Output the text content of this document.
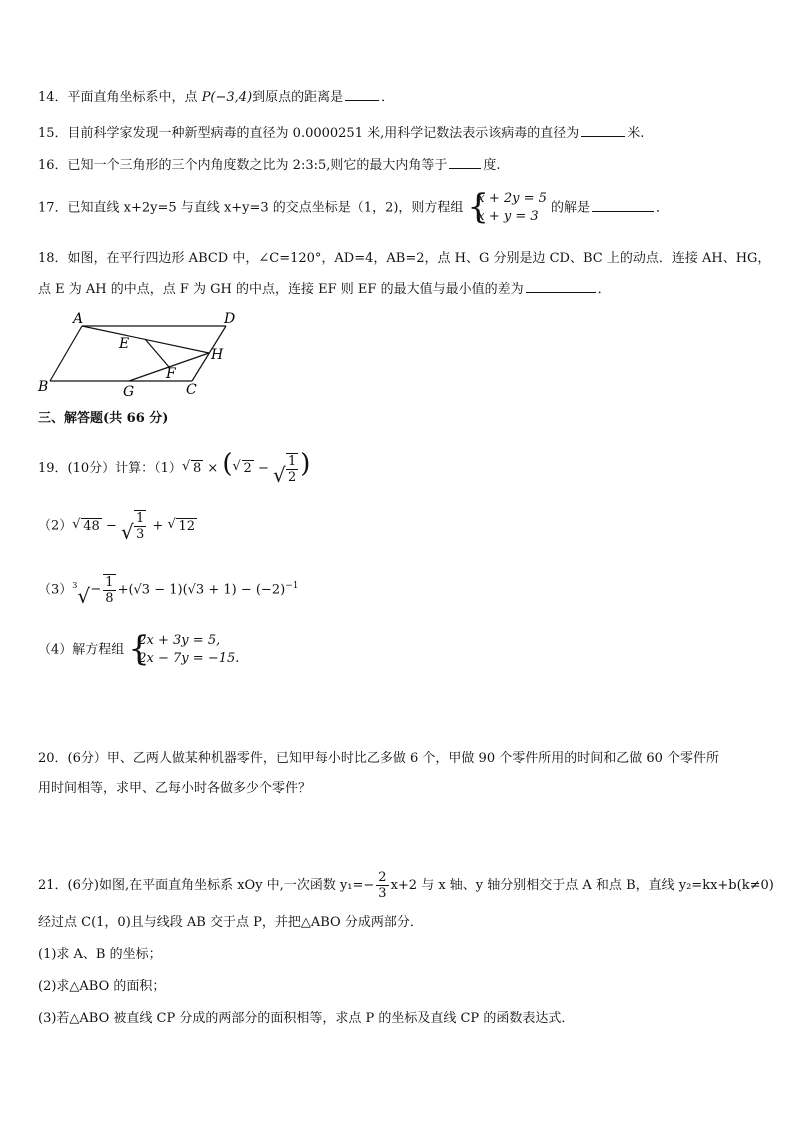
14．平面直角坐标系中，点 P(−3,4)到原点的距离是	．
15．目前科学家发现一种新型病毒的直径为 0.0000251 米,用科学记数法表示该病毒的直径为	米.
16．已知一个三角形的三个内角度数之比为 2:3:5,则它的最大内角等于	度.
17．已知直线 x+2y=5 与直线 x+y=3 的交点坐标是（1，2)，则方程组 {
x + 2y = 5
x + y = 3
的解是	．
18．如图，在平行四边形 ABCD 中，∠C=120°，AD=4，AB=2，点 H、G 分别是边 CD、BC 上的动点．连接 AH、HG，
点 E 为 AH 的中点，点 F 为 GH 的中点，连接 EF 则 EF 的最大值与最小值的差为	．
A	D
E
H
F
B	G	C
三、解答题(共 66 分)
19．(10分）计算：（1） √ 8 × ( √ 2 − √ $\frac{1}{2}$ )
（2） √ 48 − √ $\frac{1}{3}$ + √ 12
$(3)^3$ √ − $\frac{1}{8} +(√3 - 1)(√3 + 1) - (-2)^{-1}$
（4）解方程组 {
2x + 3y = 5,
2x − 7y = −15.
20．(6分）甲、乙两人做某种机器零件，已知甲每小时比乙多做 6 个，甲做 90 个零件所用的时间和乙做 60 个零件所
用时间相等，求甲、乙每小时各做多少个零件？
21．(6分)如图,在平面直角坐标系 xOy 中,一次函数 $y_1=- \frac{2}{3} x+2$ 与 x 轴、y 轴分别相交于点 A 和点 B，直线 y₂=kx+b(k≠0)
经过点 C(1，0)且与线段 AB 交于点 P，并把△ABO 分成两部分．
(1)求 A、B 的坐标；
(2)求△ABO 的面积；
(3)若△ABO 被直线 CP 分成的两部分的面积相等，求点 P 的坐标及直线 CP 的函数表达式．
